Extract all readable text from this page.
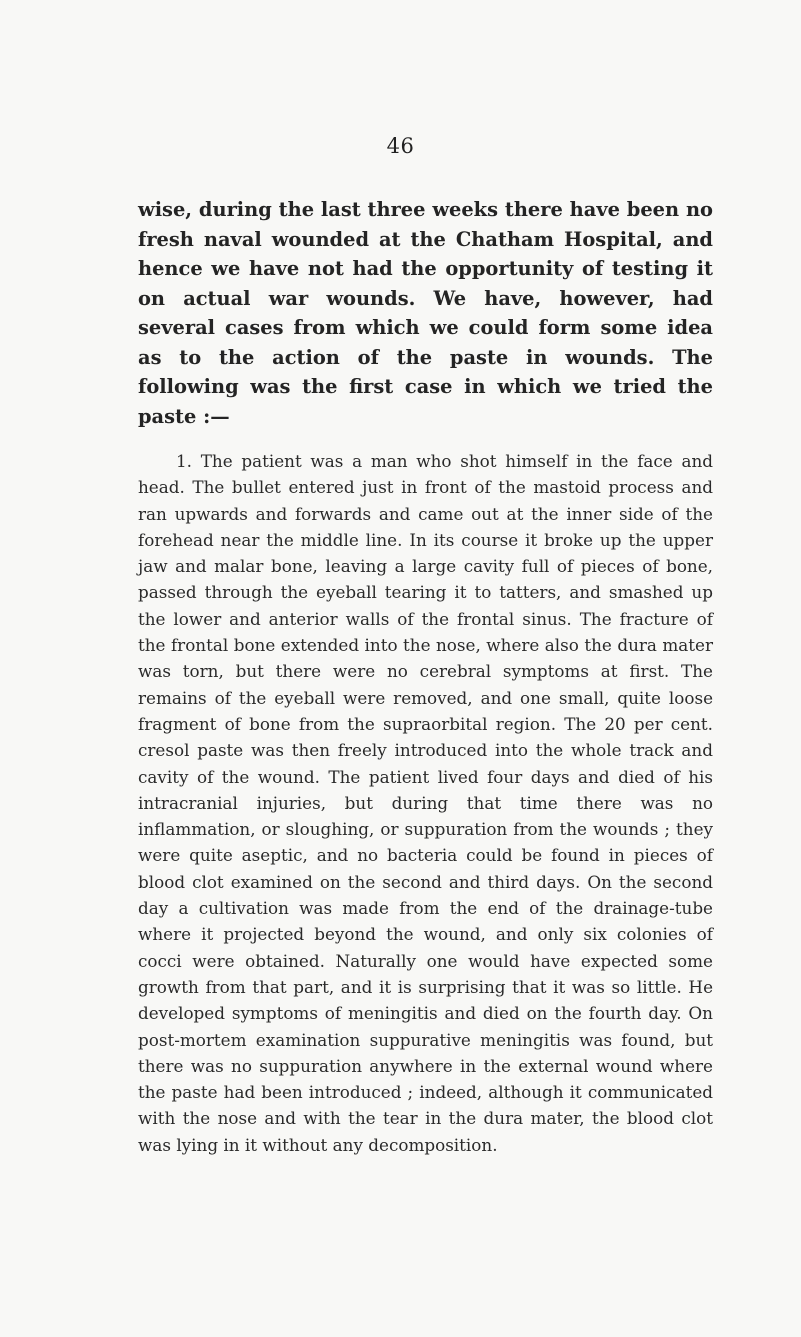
46

wise, during the last three weeks there have been no fresh naval wounded at the Chatham Hospital, and hence we have not had the opportunity of testing it on actual war wounds. We have, however, had several cases from which we could form some idea as to the action of the paste in wounds. The following was the first case in which we tried the paste :—

1. The patient was a man who shot himself in the face and head. The bullet entered just in front of the mastoid process and ran upwards and forwards and came out at the inner side of the forehead near the middle line. In its course it broke up the upper jaw and malar bone, leaving a large cavity full of pieces of bone, passed through the eyeball tearing it to tatters, and smashed up the lower and anterior walls of the frontal sinus. The fracture of the frontal bone extended into the nose, where also the dura mater was torn, but there were no cerebral symptoms at first. The remains of the eyeball were removed, and one small, quite loose fragment of bone from the supraorbital region. The 20 per cent. cresol paste was then freely introduced into the whole track and cavity of the wound. The patient lived four days and died of his intracranial injuries, but during that time there was no inflammation, or sloughing, or suppuration from the wounds ; they were quite aseptic, and no bacteria could be found in pieces of blood clot examined on the second and third days. On the second day a cultivation was made from the end of the drainage-tube where it projected beyond the wound, and only six colonies of cocci were obtained. Naturally one would have expected some growth from that part, and it is surprising that it was so little. He developed symptoms of meningitis and died on the fourth day. On post-mortem examination suppurative meningitis was found, but there was no suppuration anywhere in the external wound where the paste had been introduced ; indeed, although it communicated with the nose and with the tear in the dura mater, the blood clot was lying in it without any decomposition.
